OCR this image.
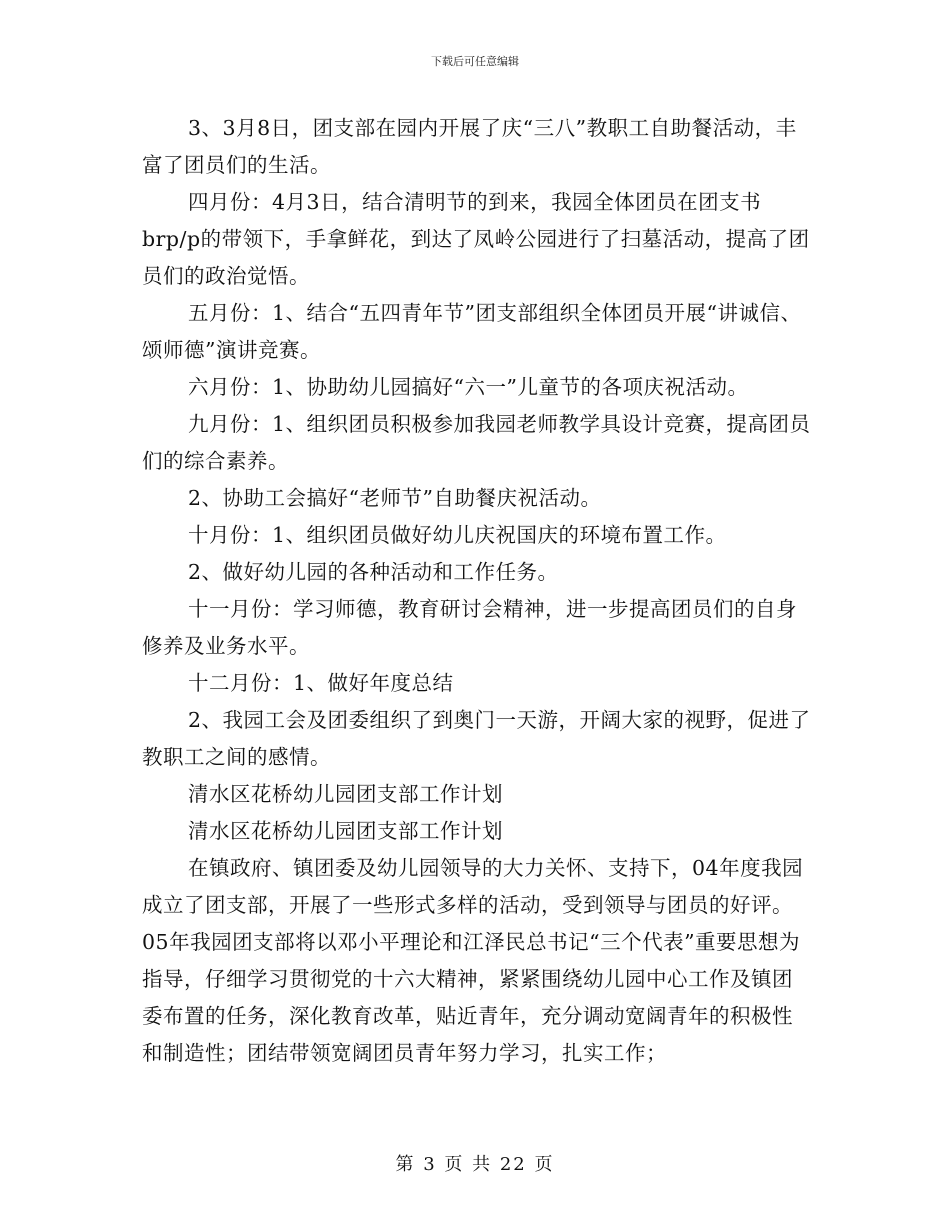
下载后可任意编辑

3、3月8日，团支部在园内开展了庆“三八”教职工自助餐活动，丰富了团员们的生活。

四月份：4月3日，结合清明节的到来，我园全体团员在团支书 brp/p的带领下，手拿鲜花，到达了凤岭公园进行了扫墓活动，提高了团员们的政治觉悟。

五月份：1、结合“五四青年节”团支部组织全体团员开展“讲诚信、颂师德”演讲竞赛。

六月份：1、协助幼儿园搞好“六一”儿童节的各项庆祝活动。

九月份：1、组织团员积极参加我园老师教学具设计竞赛，提高团员们的综合素养。

2、协助工会搞好“老师节”自助餐庆祝活动。

十月份：1、组织团员做好幼儿庆祝国庆的环境布置工作。

2、做好幼儿园的各种活动和工作任务。

十一月份：学习师德，教育研讨会精神，进一步提高团员们的自身修养及业务水平。

十二月份：1、做好年度总结

2、我园工会及团委组织了到奥门一天游，开阔大家的视野，促进了教职工之间的感情。

清水区花桥幼儿园团支部工作计划

清水区花桥幼儿园团支部工作计划

在镇政府、镇团委及幼儿园领导的大力关怀、支持下，04年度我园成立了团支部，开展了一些形式多样的活动，受到领导与团员的好评。05年我园团支部将以邓小平理论和江泽民总书记“三个代表”重要思想为指导，仔细学习贯彻党的十六大精神，紧紧围绕幼儿园中心工作及镇团委布置的任务，深化教育改革，贴近青年，充分调动宽阔青年的积极性和制造性；团结带领宽阔团员青年努力学习，扎实工作；

第 3 页 共 22 页
